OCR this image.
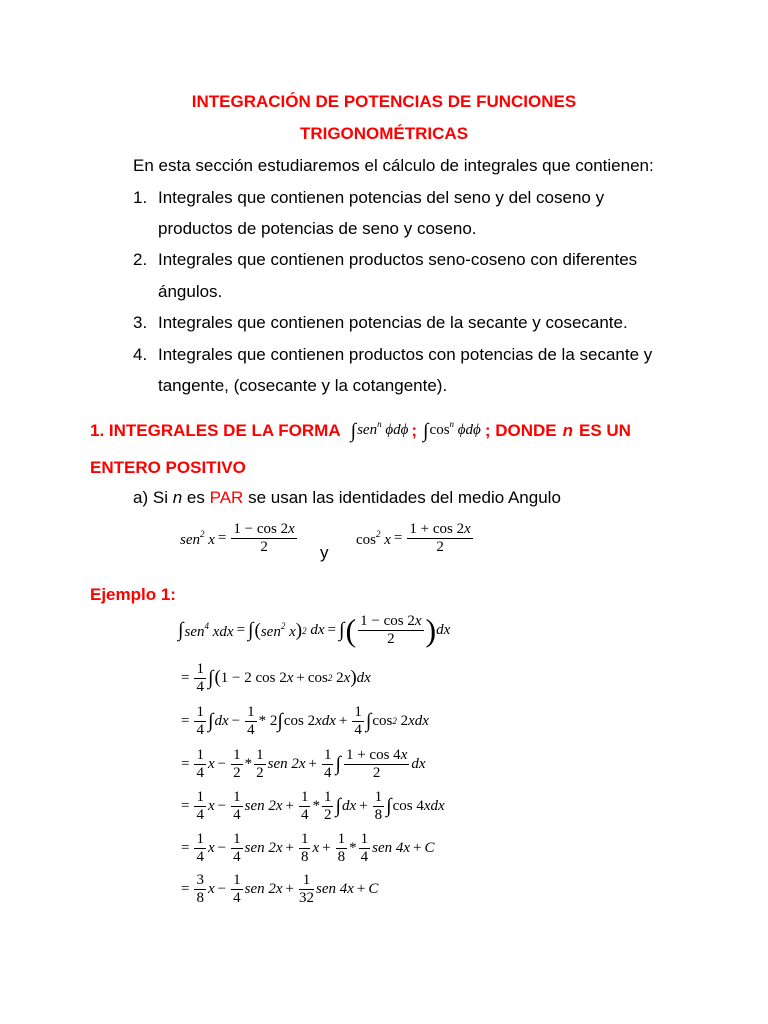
INTEGRACIÓN DE POTENCIAS DE FUNCIONES
TRIGONOMÉTRICAS
En esta sección estudiaremos el cálculo de integrales que contienen:
1. Integrales que contienen potencias del seno y del coseno y
productos de potencias de seno y coseno.
2. Integrales que contienen productos seno-coseno con diferentes
ángulos.
3. Integrales que contienen potencias de la secante y cosecante.
4. Integrales que contienen productos con potencias de la secante y
tangente, (cosecante y la cotangente).
1. INTEGRALES DE LA FORMA ∫sen$^n$ ϕdϕ ; $\int\cos^n$ ϕdϕ ; DONDE n ES UN
ENTERO POSITIVO
a) Si n es PAR se usan las identidades del medio Angulo
sen$^2$ $x = \frac{1 - \cos 2x}{2}$ y
$\cos^2 x = \frac{1 + \cos 2x}{2}$
Ejemplo 1:
∫ sen$^4$ xdx = ∫ ( sen$^2$ x ) 2
dx = ∫ ( $\frac{1 - \cos 2x}{2}$ ) dx
= $\frac{1}{4}$ ∫ ( 1 − 2 cos 2 x + cos 2
2 x ) dx
= $\frac{1}{4}$ ∫ dx − $\frac{1}{4} * 2$ ∫ cos 2 xdx + $\frac{1}{4}$ ∫ cos 2
2 xdx
= $\frac{1}{4}$ $x - \frac{1}{2} * \frac{1}{2}$ sen $2x + \frac{1}{4}$ ∫ $\frac{1 + \cos 4x}{2}$ dx
= $\frac{1}{4}$ $x - \frac{1}{4}$ sen $2x + \frac{1}{4} * \frac{1}{2}$ ∫ dx + $\frac{1}{8}$ ∫ cos 4 xdx
= $\frac{1}{4}$ $x - \frac{1}{4}$ sen $2x + \frac{1}{8}$ $x + \frac{1}{8} * \frac{1}{4}$ sen 4x + C
= $\frac{3}{8}$ $x - \frac{1}{4}$ sen $2x + \frac{1}{32}$ sen 4x + C
